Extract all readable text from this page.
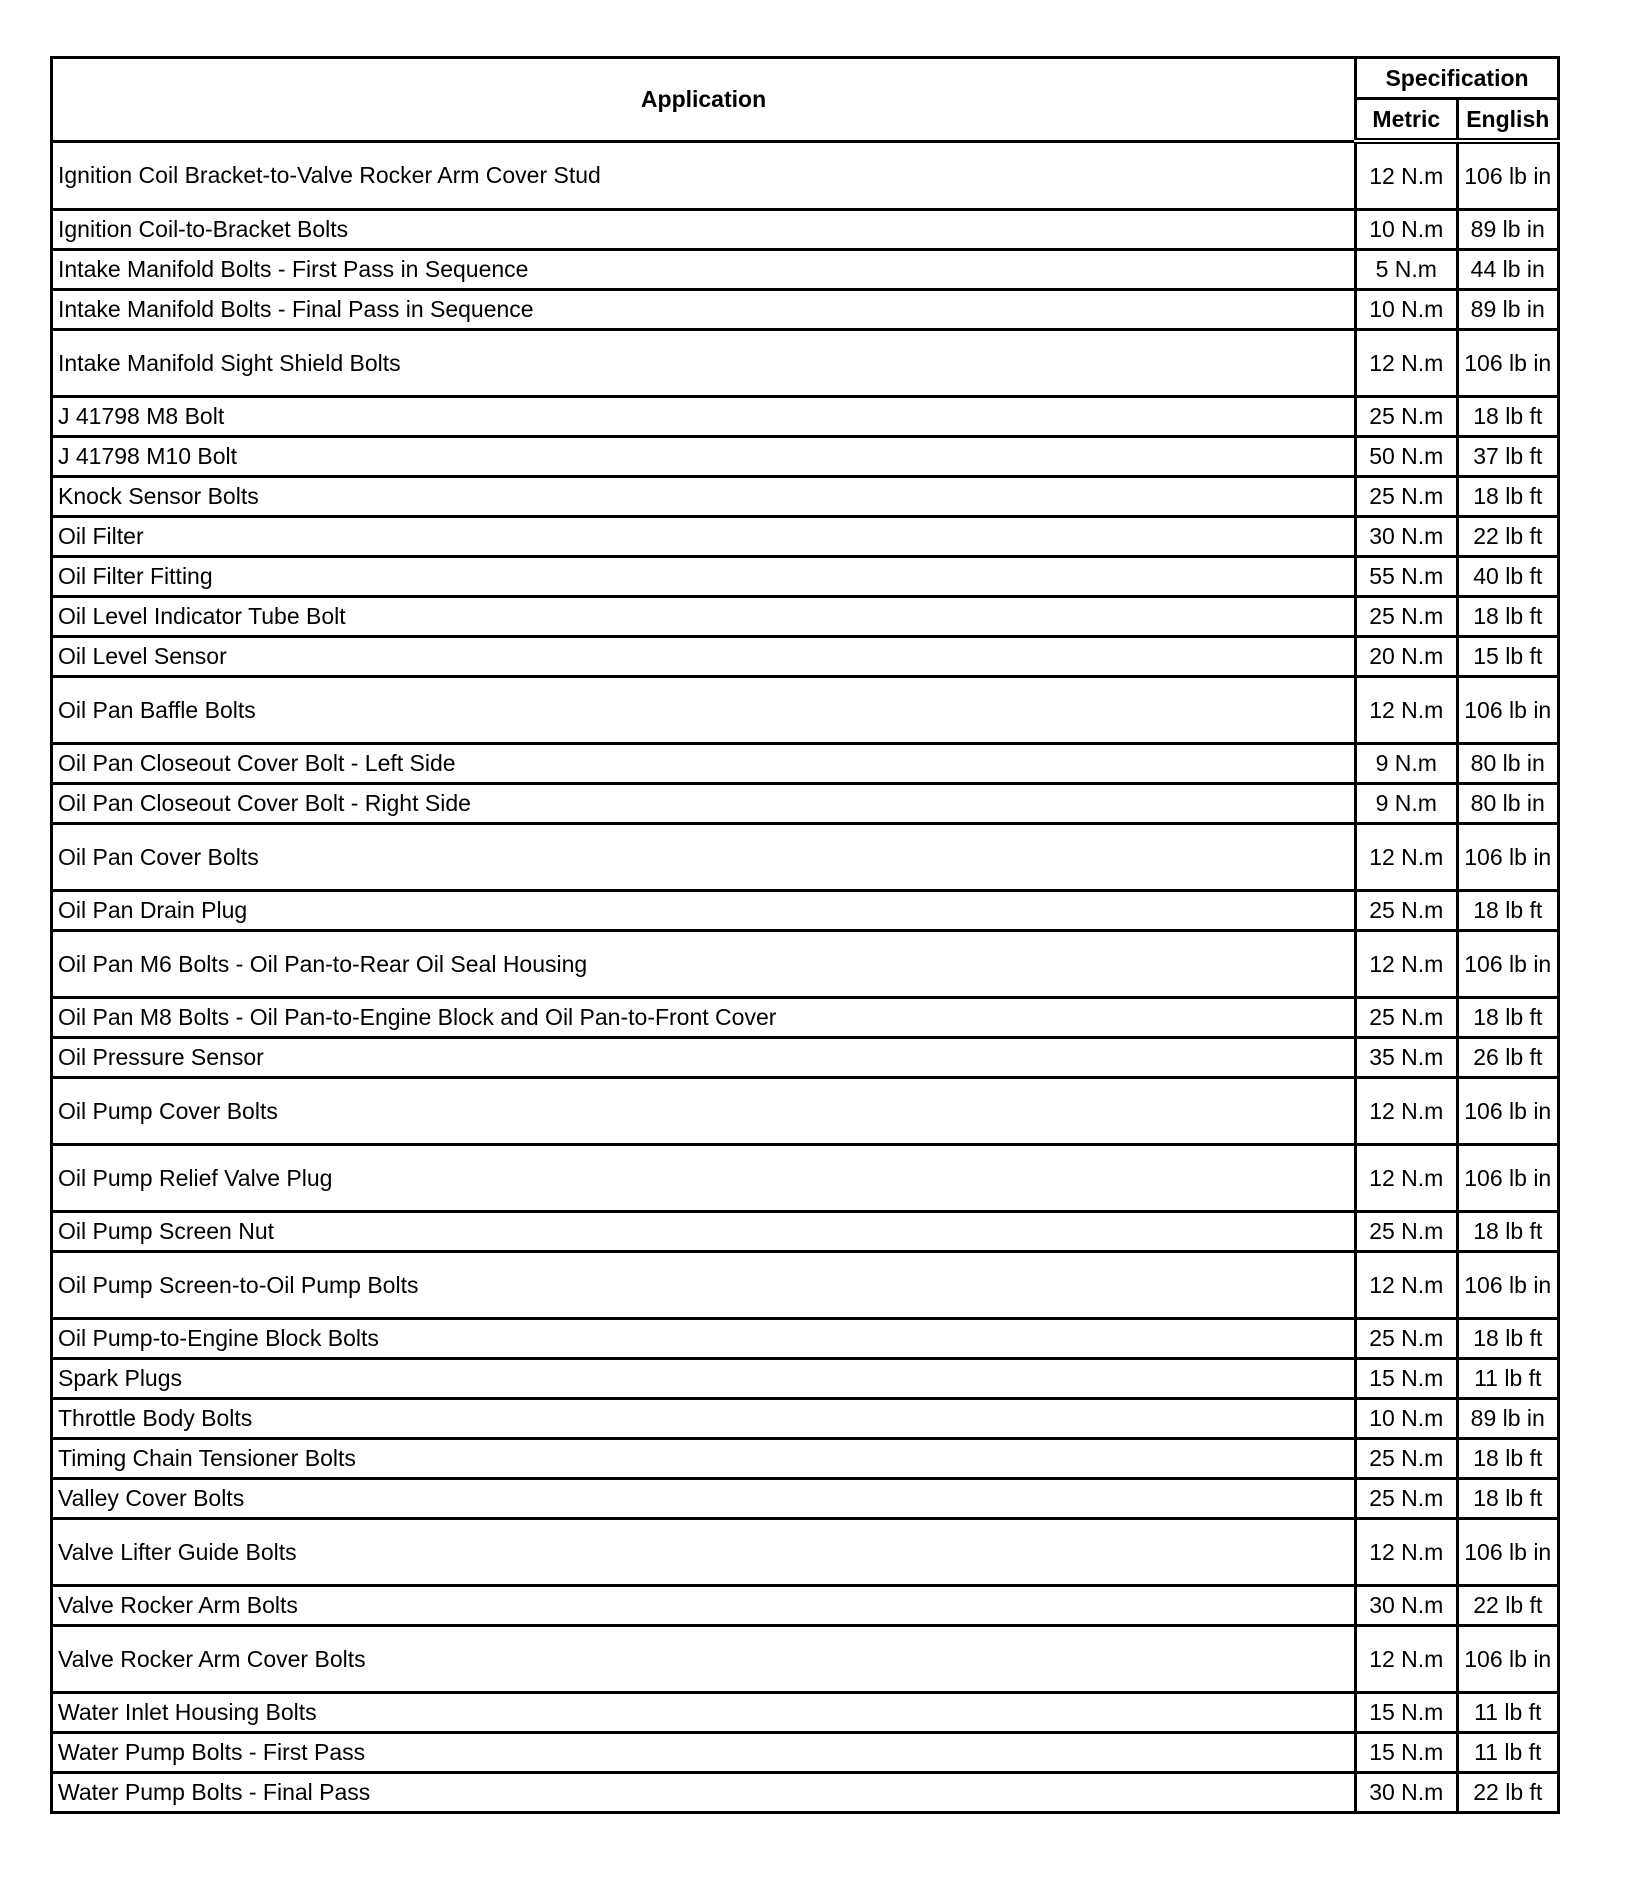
Application	Specification	
	Metric	English
Ignition Coil Bracket-to-Valve Rocker Arm Cover Stud	12 N.m	106 lb in
Ignition Coil-to-Bracket Bolts	10 N.m	89 lb in
Intake Manifold Bolts - First Pass in Sequence	5 N.m	44 lb in
Intake Manifold Bolts - Final Pass in Sequence	10 N.m	89 lb in
Intake Manifold Sight Shield Bolts	12 N.m	106 lb in
J 41798 M8 Bolt	25 N.m	18 lb ft
J 41798 M10 Bolt	50 N.m	37 lb ft
Knock Sensor Bolts	25 N.m	18 lb ft
Oil Filter	30 N.m	22 lb ft
Oil Filter Fitting	55 N.m	40 lb ft
Oil Level Indicator Tube Bolt	25 N.m	18 lb ft
Oil Level Sensor	20 N.m	15 lb ft
Oil Pan Baffle Bolts	12 N.m	106 lb in
Oil Pan Closeout Cover Bolt - Left Side	9 N.m	80 lb in
Oil Pan Closeout Cover Bolt - Right Side	9 N.m	80 lb in
Oil Pan Cover Bolts	12 N.m	106 lb in
Oil Pan Drain Plug	25 N.m	18 lb ft
Oil Pan M6 Bolts - Oil Pan-to-Rear Oil Seal Housing	12 N.m	106 lb in
Oil Pan M8 Bolts - Oil Pan-to-Engine Block and Oil Pan-to-Front Cover	25 N.m	18 lb ft
Oil Pressure Sensor	35 N.m	26 lb ft
Oil Pump Cover Bolts	12 N.m	106 lb in
Oil Pump Relief Valve Plug	12 N.m	106 lb in
Oil Pump Screen Nut	25 N.m	18 lb ft
Oil Pump Screen-to-Oil Pump Bolts	12 N.m	106 lb in
Oil Pump-to-Engine Block Bolts	25 N.m	18 lb ft
Spark Plugs	15 N.m	11 lb ft
Throttle Body Bolts	10 N.m	89 lb in
Timing Chain Tensioner Bolts	25 N.m	18 lb ft
Valley Cover Bolts	25 N.m	18 lb ft
Valve Lifter Guide Bolts	12 N.m	106 lb in
Valve Rocker Arm Bolts	30 N.m	22 lb ft
Valve Rocker Arm Cover Bolts	12 N.m	106 lb in
Water Inlet Housing Bolts	15 N.m	11 lb ft
Water Pump Bolts - First Pass	15 N.m	11 lb ft
Water Pump Bolts - Final Pass	30 N.m	22 lb ft
